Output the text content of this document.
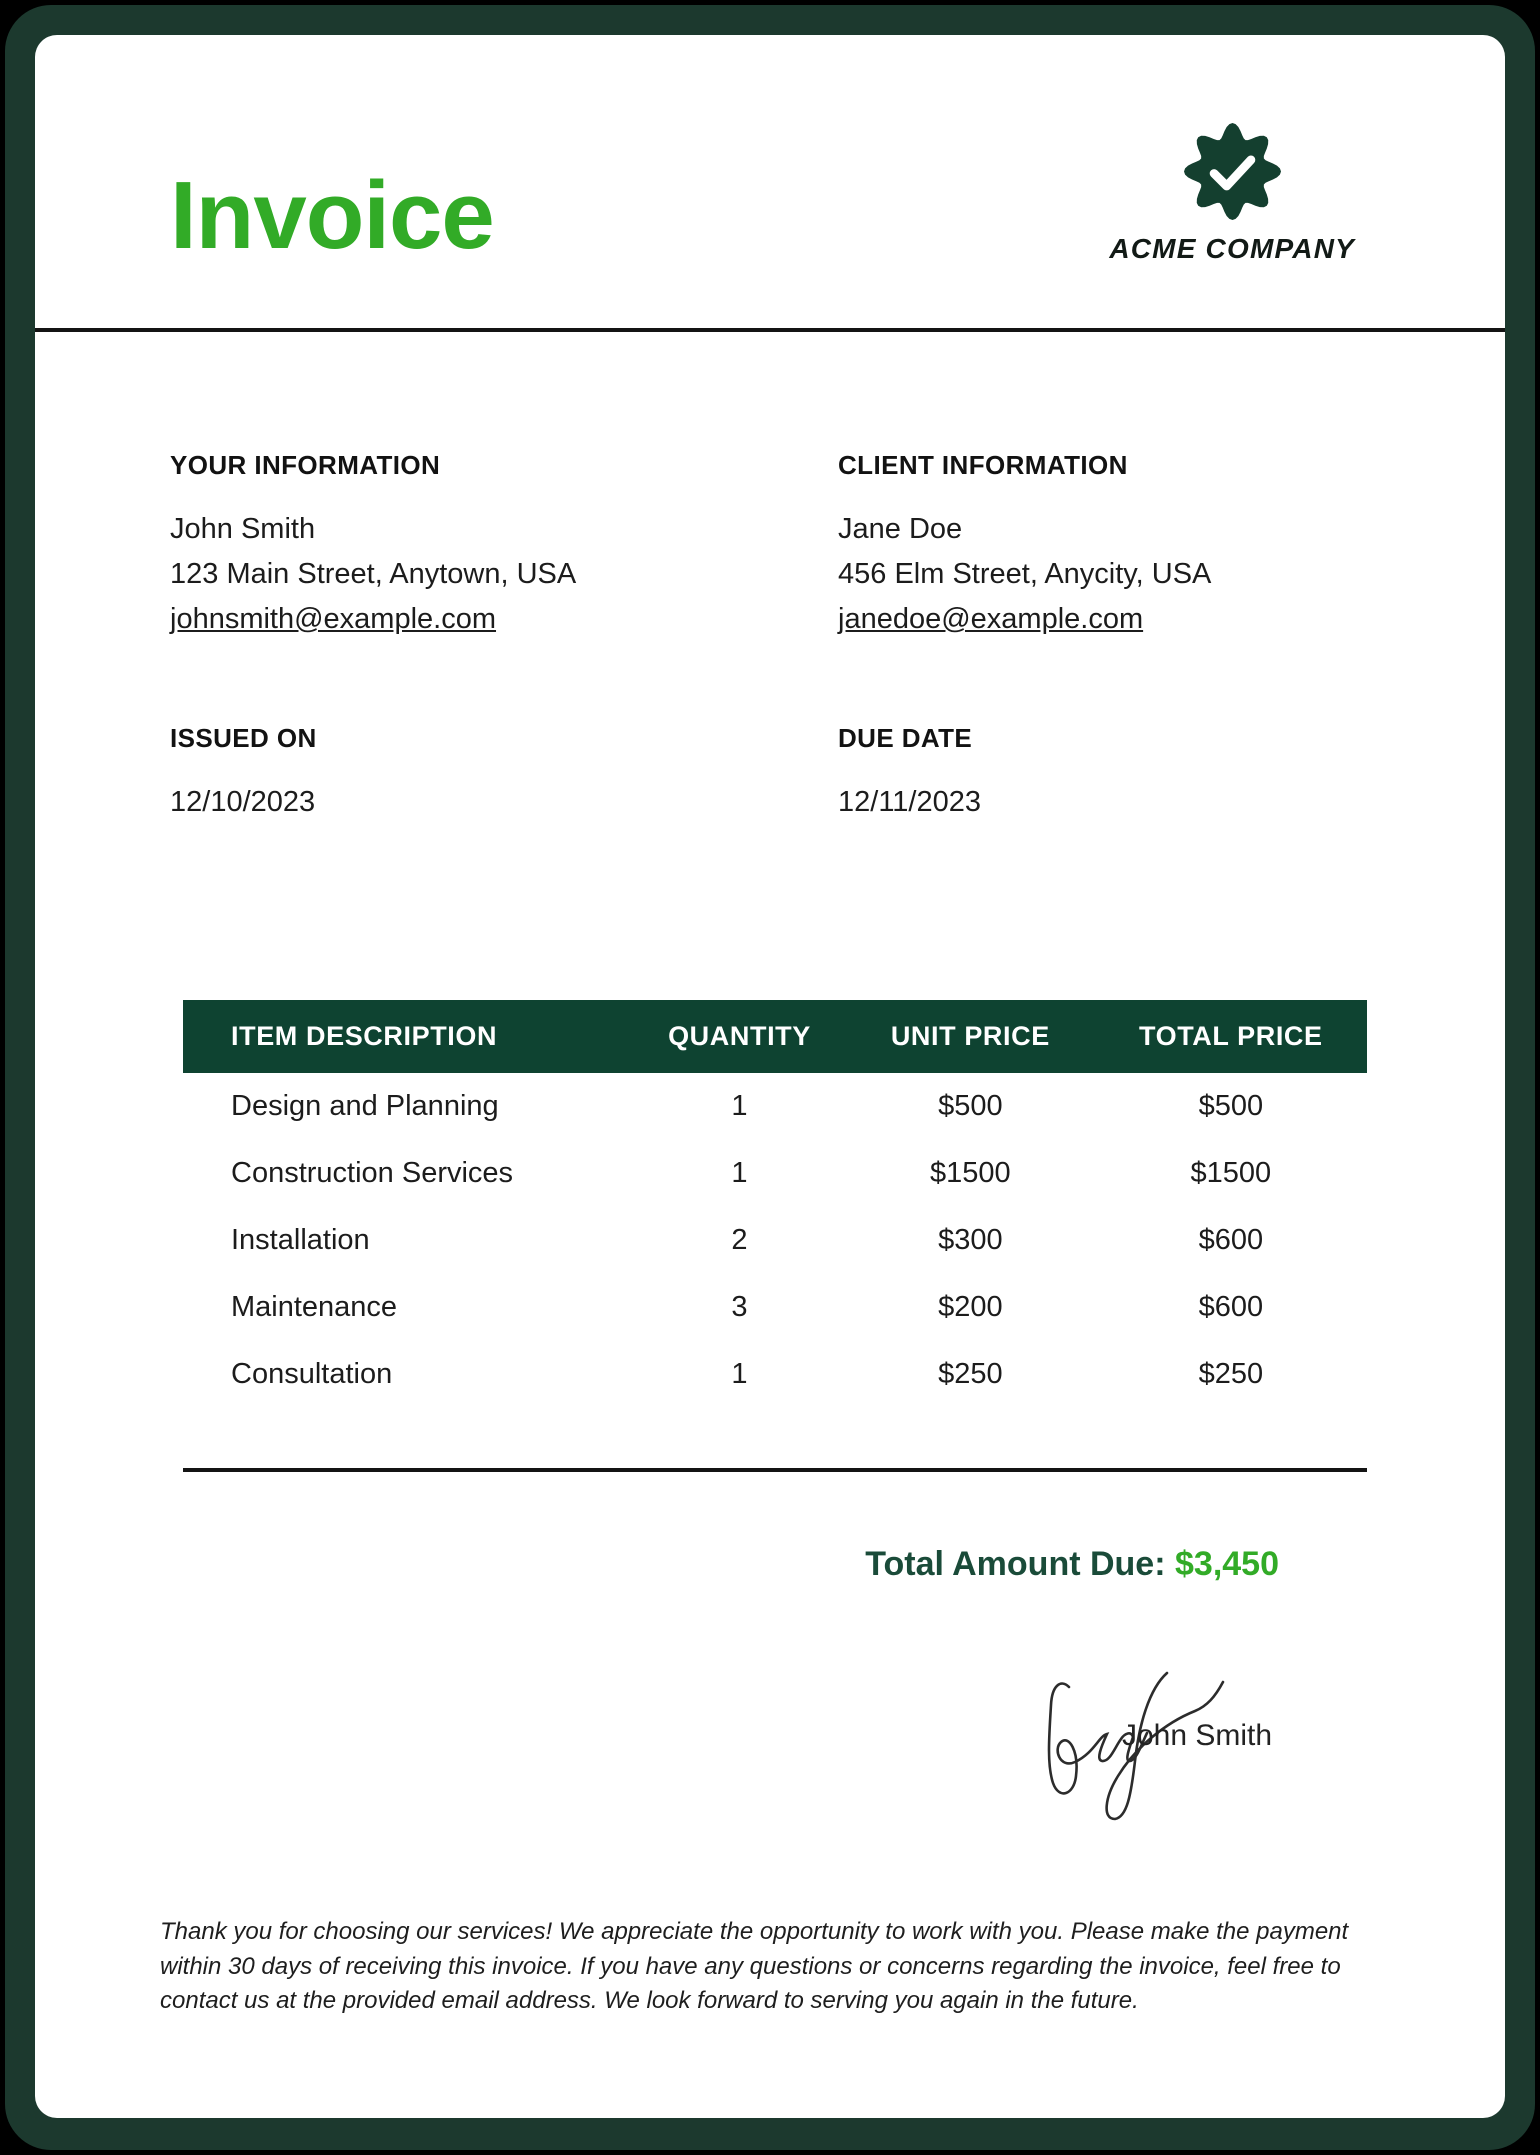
Invoice	ACME COMPANY
YOUR INFORMATION
John Smith
123 Main Street, Anytown, USA
johnsmith@example.com
CLIENT INFORMATION
Jane Doe
456 Elm Street, Anycity, USA
janedoe@example.com
ISSUED ON
12/10/2023
DUE DATE
12/11/2023
ITEM DESCRIPTION	QUANTITY	UNIT PRICE	TOTAL PRICE
Design and Planning	1	$500	$500
Construction Services	1	$1500	$1500
Installation	2	$300	$600
Maintenance	3	$200	$600
Consultation	1	$250	$250
Total Amount Due: $3,450
John Smith
Thank you for choosing our services! We appreciate the opportunity to work with you. Please make the payment
within 30 days of receiving this invoice. If you have any questions or concerns regarding the invoice, feel free to
contact us at the provided email address. We look forward to serving you again in the future.
